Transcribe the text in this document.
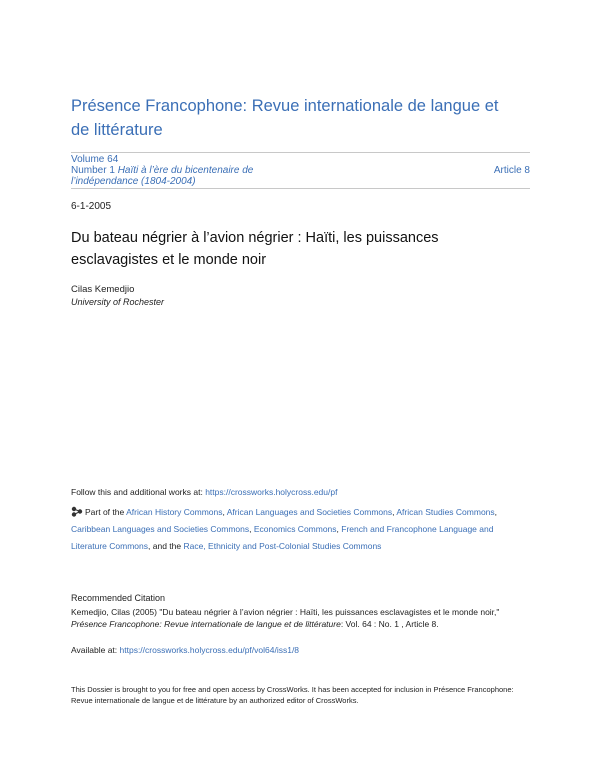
Présence Francophone: Revue internationale de langue et de littérature
Volume 64
Number 1 Haïti à l’ère du bicentenaire de
l’indépendance (1804-2004)
Article 8
6-1-2005
Du bateau négrier à l’avion négrier : Haïti, les puissances esclavagistes et le monde noir
Cilas Kemedjio
University of Rochester
Follow this and additional works at: https://crossworks.holycross.edu/pf
Part of the African History Commons, African Languages and Societies Commons, African Studies Commons, Caribbean Languages and Societies Commons, Economics Commons, French and Francophone Language and Literature Commons, and the Race, Ethnicity and Post-Colonial Studies Commons
Recommended Citation
Kemedjio, Cilas (2005) "Du bateau négrier à l’avion négrier : Haïti, les puissances esclavagistes et le monde noir," Présence Francophone: Revue internationale de langue et de littérature: Vol. 64 : No. 1 , Article 8.
Available at: https://crossworks.holycross.edu/pf/vol64/iss1/8
This Dossier is brought to you for free and open access by CrossWorks. It has been accepted for inclusion in Présence Francophone: Revue internationale de langue et de littérature by an authorized editor of CrossWorks.
